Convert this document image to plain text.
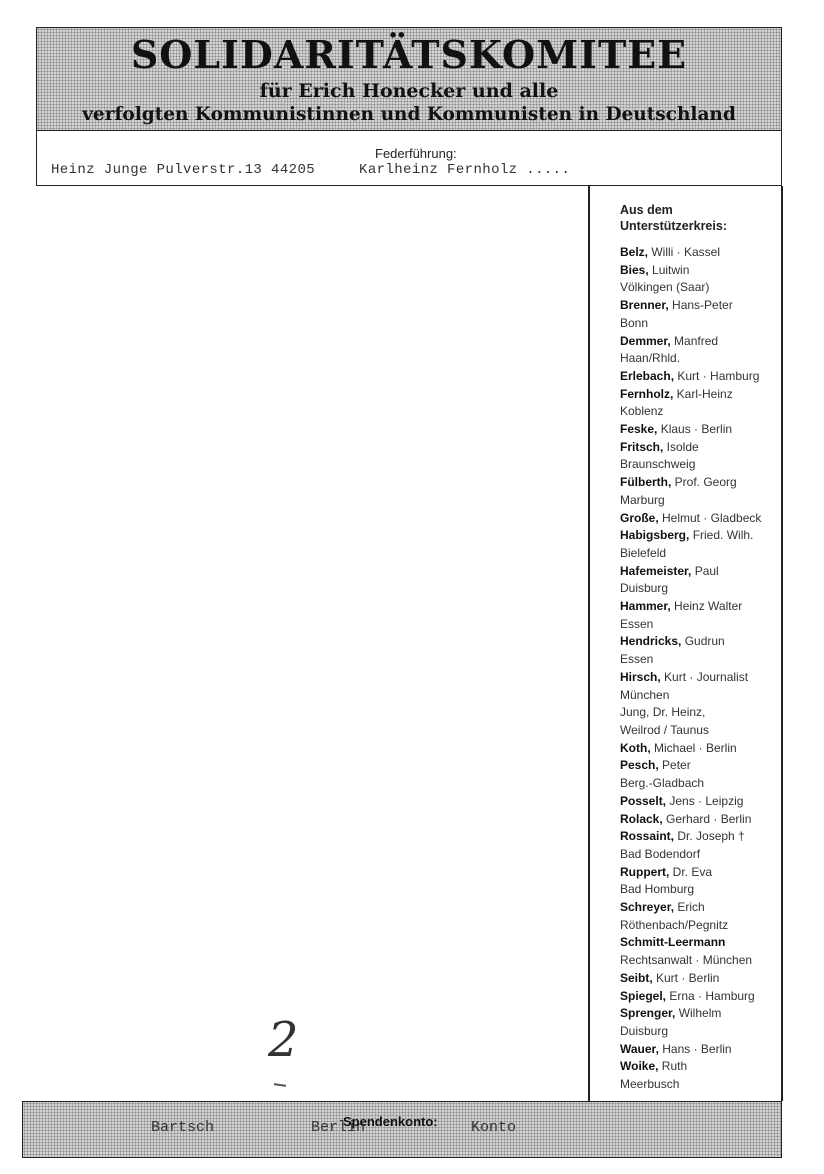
SOLIDARITÄTSKOMITEE
für Erich Honecker und alle
verfolgten Kommunistinnen und Kommunisten in Deutschland
Federführung:
Heinz Junge Pulverstr.13 44205     Karlheinz Fernholz .....
Aus dem
Unterstützerkreis:
Belz, Willi · Kassel
Bies, Luitwin
Völkingen (Saar)
Brenner, Hans-Peter
Bonn
Demmer, Manfred
Haan/Rhld.
Erlebach, Kurt · Hamburg
Fernholz, Karl-Heinz
Koblenz
Feske, Klaus · Berlin
Fritsch, Isolde
Braunschweig
Fülberth, Prof. Georg
Marburg
Große, Helmut · Gladbeck
Habigsberg, Fried. Wilh.
Bielefeld
Hafemeister, Paul
Duisburg
Hammer, Heinz Walter
Essen
Hendricks, Gudrun
Essen
Hirsch, Kurt · Journalist
München
Jung, Dr. Heinz,
Weilrod / Taunus
Koth, Michael · Berlin
Pesch, Peter
Berg.-Gladbach
Posselt, Jens · Leipzig
Rolack, Gerhard · Berlin
Rossaint, Dr. Joseph †
Bad Bodendorf
Ruppert, Dr. Eva
Bad Homburg
Schreyer, Erich
Röthenbach/Pegnitz
Schmitt-Leermann
Rechtsanwalt · München
Seibt, Kurt · Berlin
Spiegel, Erna · Hamburg
Sprenger, Wilhelm
Duisburg
Wauer, Hans · Berlin
Woike, Ruth
Meerbusch
2
Bartsch	Berlin
Spendenkonto: Konto
